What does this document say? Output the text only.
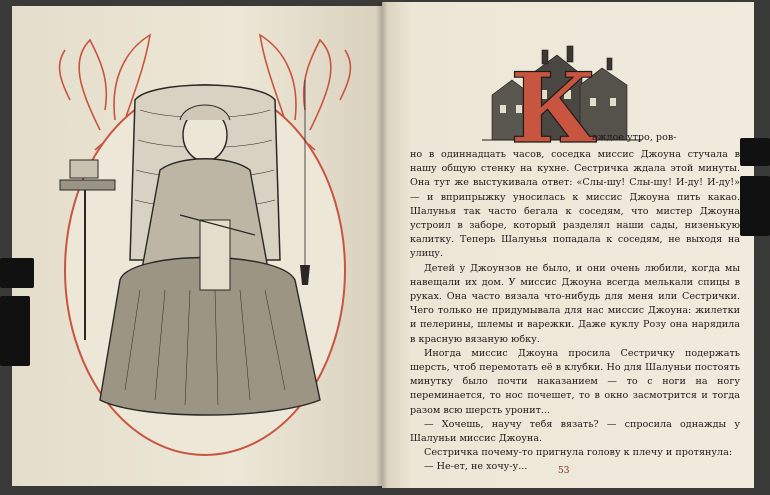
К
аждое утро, ров-

но в одиннадцать часов, соседка миссис Джоуна стучала в нашу общую стенку на кухне. Сестричка ждала этой минуты. Она тут же выстукивала ответ: «Слы-шу! Слы-шу! И-ду! И-ду!» — и вприпрыжку уносилась к миссис Джоуна пить какао. Шалунья так часто бегала к соседям, что мистер Джоуна устроил в заборе, который разделял наши сады, низенькую калитку. Теперь Шалунья попадала к соседям, не выходя на улицу.

Детей у Джоунзов не было, и они очень любили, когда мы навещали их дом. У миссис Джоуна всегда мелькали спицы в руках. Она часто вязала что-нибудь для меня или Сестрички. Чего только не придумывала для нас миссис Джоуна: жилетки и пелерины, шлемы и варежки. Даже куклу Розу она нарядила в красную вязаную юбку.

Иногда миссис Джоуна просила Сестричку подержать шерсть, чтоб перемотать её в клубки. Но для Шалуньи постоять минутку было почти наказанием — то с ноги на ногу переминается, то нос почешет, то в окно засмотрится и тогда разом всю шерсть уронит...

— Хочешь, научу тебя вязать? — спросила однажды у Шалуньи миссис Джоуна.

Сестричка почему-то пригнула голову к плечу и протянула:

— Не-ет, не хочу-у...	53
